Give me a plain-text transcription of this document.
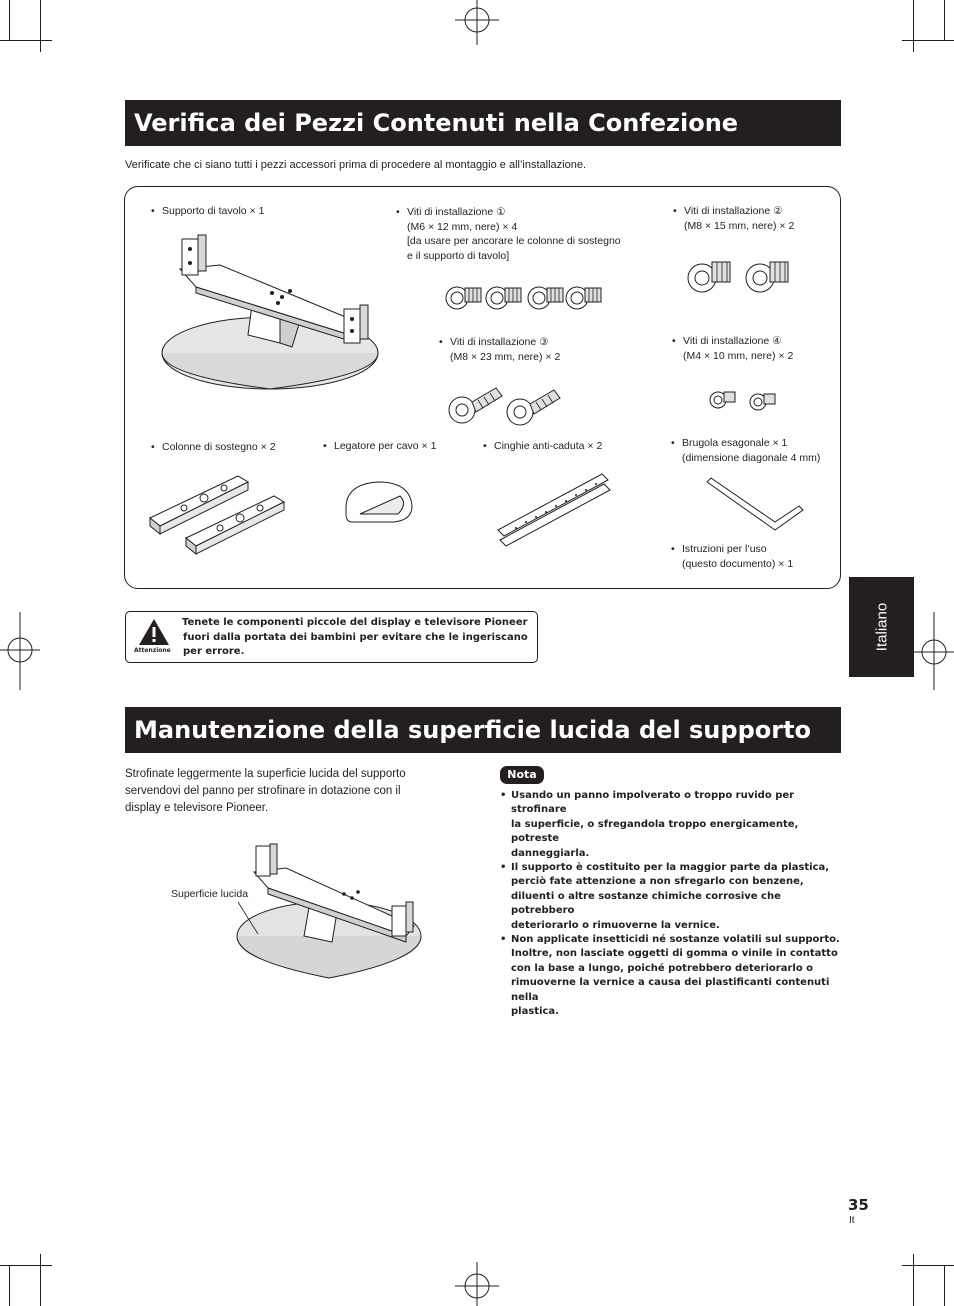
Verifica dei Pezzi Contenuti nella Confezione
Verificate che ci siano tutti i pezzi accessori prima di procedere al montaggio e all’installazione.
• Supporto di tavolo × 1	• Viti di installazione ①
(M6 × 12 mm, nere) × 4
[da usare per ancorare le colonne di sostegno
e il supporto di tavolo]
• Viti di installazione ②
(M8 × 15 mm, nere) × 2
• Viti di installazione ③
(M8 × 23 mm, nere) × 2
• Viti di installazione ④
(M4 × 10 mm, nere) × 2
• Colonne di sostegno × 2	• Legatore per cavo × 1	• Cinghie anti-caduta × 2	• Brugola esagonale × 1
(dimensione diagonale 4 mm)
• Istruzioni per l’uso
(questo documento) × 1
Attenzione
Tenete le componenti piccole del display e televisore Pioneer
fuori dalla portata dei bambini per evitare che le ingeriscano
per errore.
Italiano
Manutenzione della superficie lucida del supporto
Strofinate leggermente la superficie lucida del supporto
servendovi del panno per strofinare in dotazione con il
display e televisore Pioneer.
Superficie lucida
Nota
• Usando un panno impolverato o troppo ruvido per strofinare
la superficie, o sfregandola troppo energicamente, potreste
danneggiarla.
• Il supporto è costituito per la maggior parte da plastica,
perciò fate attenzione a non sfregarlo con benzene,
diluenti o altre sostanze chimiche corrosive che potrebbero
deteriorarlo o rimuoverne la vernice.
• Non applicate insetticidi né sostanze volatili sul supporto.
Inoltre, non lasciate oggetti di gomma o vinile in contatto
con la base a lungo, poiché potrebbero deteriorarlo o
rimuoverne la vernice a causa dei plastificanti contenuti nella
plastica.
35
It
